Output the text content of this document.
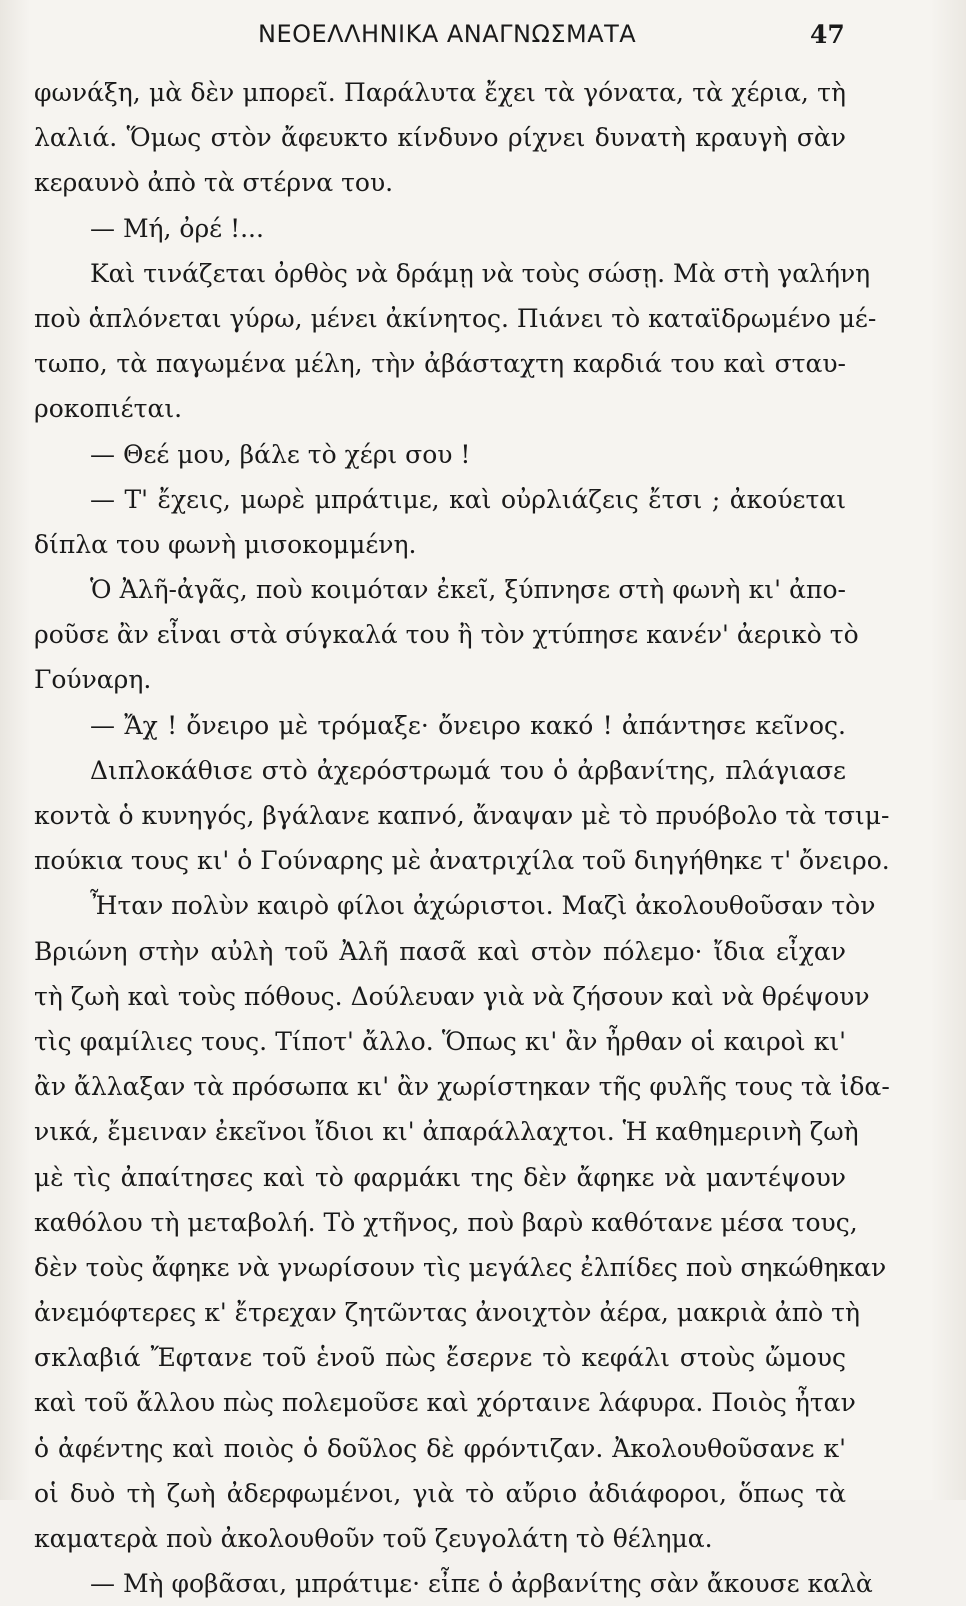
ΝΕΟΕΛΛΗΝΙΚΑ ΑΝΑΓΝΩΣΜΑΤΑ	47
φωνάξη, μὰ δὲν μπορεῖ. Παράλυτα ἔχει τὰ γόνατα, τὰ χέρια, τὴ
λαλιά. Ὅμως στὸν ἄφευκτο κίνδυνο ρίχνει δυνατὴ κραυγὴ σὰν
κεραυνὸ ἀπὸ τὰ στέρνα του.
— Μή, ὀρέ !...
Καὶ τινάζεται ὀρθὸς νὰ δράμῃ νὰ τοὺς σώσῃ. Μὰ στὴ γαλήνη
ποὺ ἁπλόνεται γύρω, μένει ἀκίνητος. Πιάνει τὸ καταϊδρωμένο μέ-
τωπο, τὰ παγωμένα μέλη, τὴν ἀβάσταχτη καρδιά του καὶ σταυ-
ροκοπιέται.
— Θεέ μου, βάλε τὸ χέρι σου !
— Τ' ἔχεις, μωρὲ μπράτιμε, καὶ οὐρλιάζεις ἔτσι ; ἀκούεται
δίπλα του φωνὴ μισοκομμένη.
Ὁ Ἀλῆ-ἀγᾶς, ποὺ κοιμόταν ἐκεῖ, ξύπνησε στὴ φωνὴ κι' ἀπο-
ροῦσε ἂν εἶναι στὰ σύγκαλά του ἢ τὸν χτύπησε κανέν' ἀερικὸ τὸ
Γούναρη.
— Ἄχ ! ὄνειρο μὲ τρόμαξε· ὄνειρο κακό ! ἀπάντησε κεῖνος.
Διπλοκάθισε στὸ ἀχερόστρωμά του ὁ ἀρβανίτης, πλάγιασε
κοντὰ ὁ κυνηγός, βγάλανε καπνό, ἄναψαν μὲ τὸ πρυόβολο τὰ τσιμ-
πούκια τους κι' ὁ Γούναρης μὲ ἀνατριχίλα τοῦ διηγήθηκε τ' ὄνειρο.
Ἦταν πολὺν καιρὸ φίλοι ἀχώριστοι. Μαζὶ ἀκολουθοῦσαν τὸν
Βριώνη στὴν αὐλὴ τοῦ Ἀλῆ πασᾶ καὶ στὸν πόλεμο· ἴδια εἶχαν
τὴ ζωὴ καὶ τοὺς πόθους. Δούλευαν γιὰ νὰ ζήσουν καὶ νὰ θρέψουν
τὶς φαμίλιες τους. Τίποτ' ἄλλο. Ὅπως κι' ἂν ἦρθαν οἱ καιροὶ κι'
ἂν ἄλλαξαν τὰ πρόσωπα κι' ἂν χωρίστηκαν τῆς φυλῆς τους τὰ ἰδα-
νικά, ἔμειναν ἐκεῖνοι ἴδιοι κι' ἀπαράλλαχτοι. Ἡ καθημερινὴ ζωὴ
μὲ τὶς ἀπαίτησες καὶ τὸ φαρμάκι της δὲν ἄφηκε νὰ μαντέψουν
καθόλου τὴ μεταβολή. Τὸ χτῆνος, ποὺ βαρὺ καθότανε μέσα τους,
δὲν τοὺς ἄφηκε νὰ γνωρίσουν τὶς μεγάλες ἐλπίδες ποὺ σηκώθηκαν
ἀνεμόφτερες κ' ἔτρεχαν ζητῶντας ἀνοιχτὸν ἀέρα, μακριὰ ἀπὸ τὴ
σκλαβιά Ἔφτανε τοῦ ἑνοῦ πὼς ἔσερνε τὸ κεφάλι στοὺς ὤμους
καὶ τοῦ ἄλλου πὼς πολεμοῦσε καὶ χόρταινε λάφυρα. Ποιὸς ἦταν
ὁ ἀφέντης καὶ ποιὸς ὁ δοῦλος δὲ φρόντιζαν. Ἀκολουθοῦσανε κ'
οἱ δυὸ τὴ ζωὴ ἀδερφωμένοι, γιὰ τὸ αὔριο ἀδιάφοροι, ὅπως τὰ
καματερὰ ποὺ ἀκολουθοῦν τοῦ ζευγολάτη τὸ θέλημα.
— Μὴ φοβᾶσαι, μπράτιμε· εἶπε ὁ ἀρβανίτης σὰν ἄκουσε καλὰ
